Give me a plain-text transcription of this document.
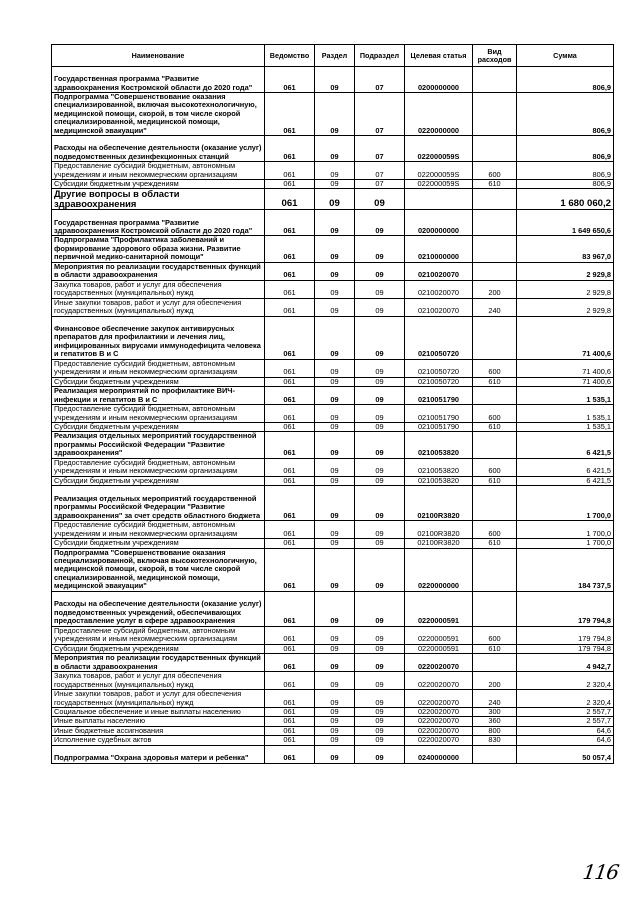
Наименование	Ведомство	Раздел	Подраздел	Целевая статья	Вид расходов	Сумма
Государственная программа "Развитие здравоохранения Костромской области до 2020 года"	061	09	07	0200000000		806,9
Подпрограмма "Совершенствование оказания специализированной, включая высокотехнологичную, медицинской помощи, скорой, в том числе скорой специализированной, медицинской помощи, медицинской эвакуации"	061	09	07	0220000000		806,9
Расходы на обеспечение деятельности (оказание услуг) подведомственных дезинфекционных станций	061	09	07	022000059S		806,9
Предоставление субсидий бюджетным, автономным учреждениям и иным некоммерческим организациям	061	09	07	022000059S	600	806,9
Субсидии бюджетным учреждениям	061	09	07	022000059S	610	806,9
Другие вопросы в области здравоохранения	061	09	09			1 680 060,2
Государственная программа "Развитие здравоохранения Костромской области до 2020 года"	061	09	09	0200000000		1 649 650,6
Подпрограмма "Профилактика заболеваний и формирование здорового образа жизни. Развитие первичной медико-санитарной помощи"	061	09	09	0210000000		83 967,0
Мероприятия по реализации государственных функций в области здравоохранения	061	09	09	0210020070		2 929,8
Закупка товаров, работ и услуг для обеспечения государственных (муниципальных) нужд	061	09	09	0210020070	200	2 929,8
Иные закупки товаров, работ и услуг для обеспечения государственных (муниципальных) нужд	061	09	09	0210020070	240	2 929,8
Финансовое обеспечение закупок антивирусных препаратов для профилактики и лечения лиц, инфицированных вирусами иммунодефицита человека и гепатитов В и С	061	09	09	0210050720		71 400,6
Предоставление субсидий бюджетным, автономным учреждениям и иным некоммерческим организациям	061	09	09	0210050720	600	71 400,6
Субсидии бюджетным учреждениям	061	09	09	0210050720	610	71 400,6
Реализация мероприятий по профилактике ВИЧ-инфекции и гепатитов В и С	061	09	09	0210051790		1 535,1
Предоставление субсидий бюджетным, автономным учреждениям и иным некоммерческим организациям	061	09	09	0210051790	600	1 535,1
Субсидии бюджетным учреждениям	061	09	09	0210051790	610	1 535,1
Реализация отдельных мероприятий государственной программы Российской Федерации "Развитие здравоохранения"	061	09	09	0210053820		6 421,5
Предоставление субсидий бюджетным, автономным учреждениям и иным некоммерческим организациям	061	09	09	0210053820	600	6 421,5
Субсидии бюджетным учреждениям	061	09	09	0210053820	610	6 421,5
Реализация отдельных мероприятий государственной программы Российской Федерации "Развитие здравоохранения" за счет средств областного бюджета	061	09	09	02100R3820		1 700,0
Предоставление субсидий бюджетным, автономным учреждениям и иным некоммерческим организациям	061	09	09	02100R3820	600	1 700,0
Субсидии бюджетным учреждениям	061	09	09	02100R3820	610	1 700,0
Подпрограмма "Совершенствование оказания специализированной, включая высокотехнологичную, медицинской помощи, скорой, в том числе скорой специализированной, медицинской помощи, медицинской эвакуации"	061	09	09	0220000000		184 737,5
Расходы на обеспечение деятельности (оказание услуг) подведомственных учреждений, обеспечивающих предоставление услуг в сфере здравоохранения	061	09	09	0220000591		179 794,8
Предоставление субсидий бюджетным, автономным учреждениям и иным некоммерческим организациям	061	09	09	0220000591	600	179 794,8
Субсидии бюджетным учреждениям	061	09	09	0220000591	610	179 794,8
Мероприятия по реализации государственных функций в области здравоохранения	061	09	09	0220020070		4 942,7
Закупка товаров, работ и услуг для обеспечения государственных (муниципальных) нужд	061	09	09	0220020070	200	2 320,4
Иные закупки товаров, работ и услуг для обеспечения государственных (муниципальных) нужд	061	09	09	0220020070	240	2 320,4
Социальное обеспечение и иные выплаты населению	061	09	09	0220020070	300	2 557,7
Иные выплаты населению	061	09	09	0220020070	360	2 557,7
Иные бюджетные ассигнования	061	09	09	0220020070	800	64,6
Исполнение судебных актов	061	09	09	0220020070	830	64,6
Подпрограмма "Охрана здоровья матери и ребенка"	061	09	09	0240000000		50 057,4
116
